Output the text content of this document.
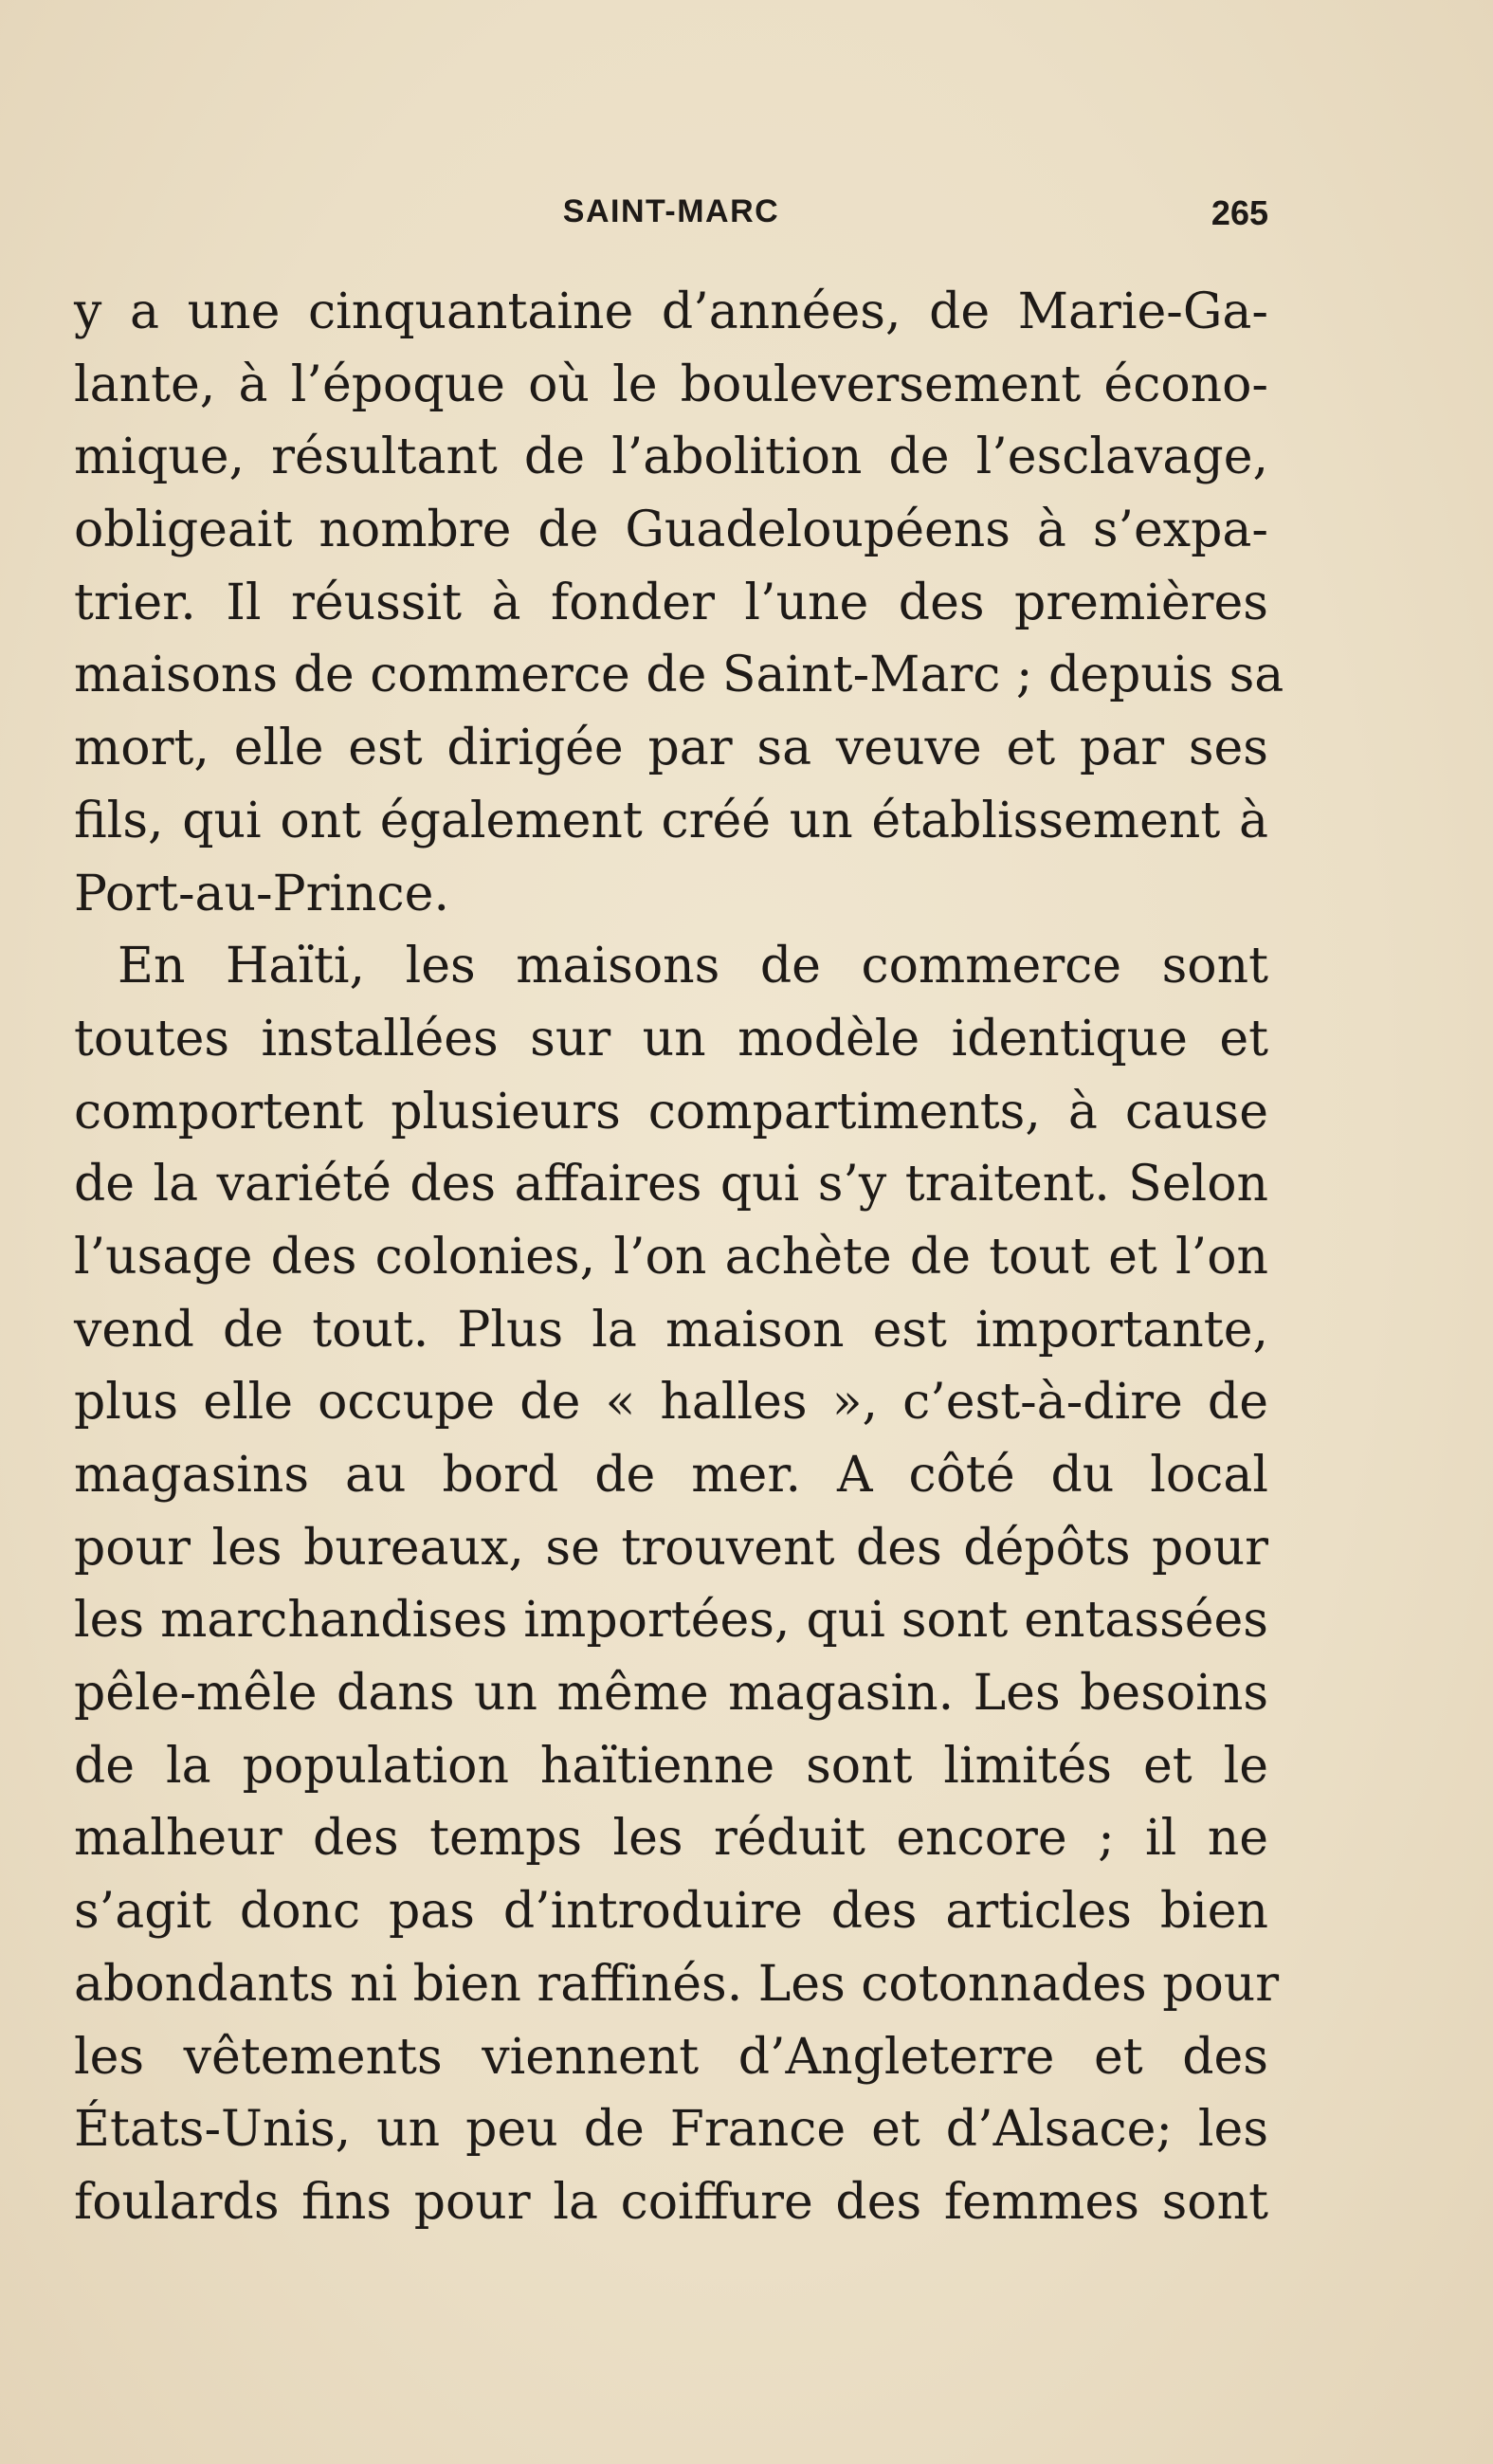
SAINT-MARC	265
y a une cinquantaine d’années, de Marie-Ga-
lante, à l’époque où le bouleversement écono-
mique, résultant de l’abolition de l’esclavage,
obligeait nombre de Guadeloupéens à s’expa-
trier. Il réussit à fonder l’une des premières
maisons de commerce de Saint-Marc ; depuis sa
mort, elle est dirigée par sa veuve et par ses
fils, qui ont également créé un établissement à
Port-au-Prince.
En Haïti, les maisons de commerce sont
toutes installées sur un modèle identique et
comportent plusieurs compartiments, à cause
de la variété des affaires qui s’y traitent. Selon
l’usage des colonies, l’on achète de tout et l’on
vend de tout. Plus la maison est importante,
plus elle occupe de « halles », c’est-à-dire de
magasins au bord de mer. A côté du local
pour les bureaux, se trouvent des dépôts pour
les marchandises importées, qui sont entassées
pêle-mêle dans un même magasin. Les besoins
de la population haïtienne sont limités et le
malheur des temps les réduit encore ; il ne
s’agit donc pas d’introduire des articles bien
abondants ni bien raffinés. Les cotonnades pour
les vêtements viennent d’Angleterre et des
États-Unis, un peu de France et d’Alsace; les
foulards fins pour la coiffure des femmes sont
